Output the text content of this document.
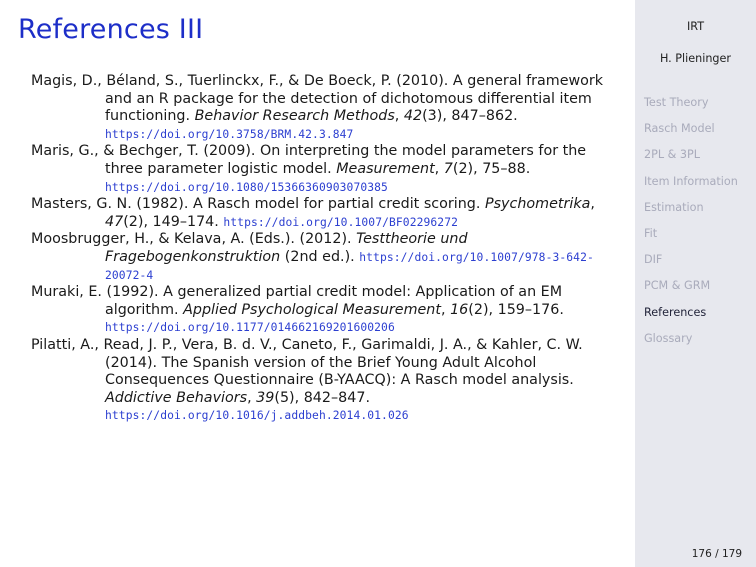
References III

Magis, D., Béland, S., Tuerlinckx, F., & De Boeck, P. (2010). A general framework and an R package for the detection of dichotomous differential item functioning. Behavior Research Methods, 42(3), 847–862. https://doi.org/10.3758/BRM.42.3.847

Maris, G., & Bechger, T. (2009). On interpreting the model parameters for the three parameter logistic model. Measurement, 7(2), 75–88. https://doi.org/10.1080/15366360903070385

Masters, G. N. (1982). A Rasch model for partial credit scoring. Psychometrika, 47(2), 149–174. https://doi.org/10.1007/BF02296272

Moosbrugger, H., & Kelava, A. (Eds.). (2012). Testtheorie und Fragebogenkonstruktion (2nd ed.). https://doi.org/10.1007/978-3-642-20072-4

Muraki, E. (1992). A generalized partial credit model: Application of an EM algorithm. Applied Psychological Measurement, 16(2), 159–176. https://doi.org/10.1177/014662169201600206

Pilatti, A., Read, J. P., Vera, B. d. V., Caneto, F., Garimaldi, J. A., & Kahler, C. W. (2014). The Spanish version of the Brief Young Adult Alcohol Consequences Questionnaire (B-YAACQ): A Rasch model analysis. Addictive Behaviors, 39(5), 842–847. https://doi.org/10.1016/j.addbeh.2014.01.026

IRT
H. Plieninger
Test Theory
Rasch Model
2PL & 3PL
Item Information
Estimation
Fit
DIF
PCM & GRM
References
Glossary
176 / 179
